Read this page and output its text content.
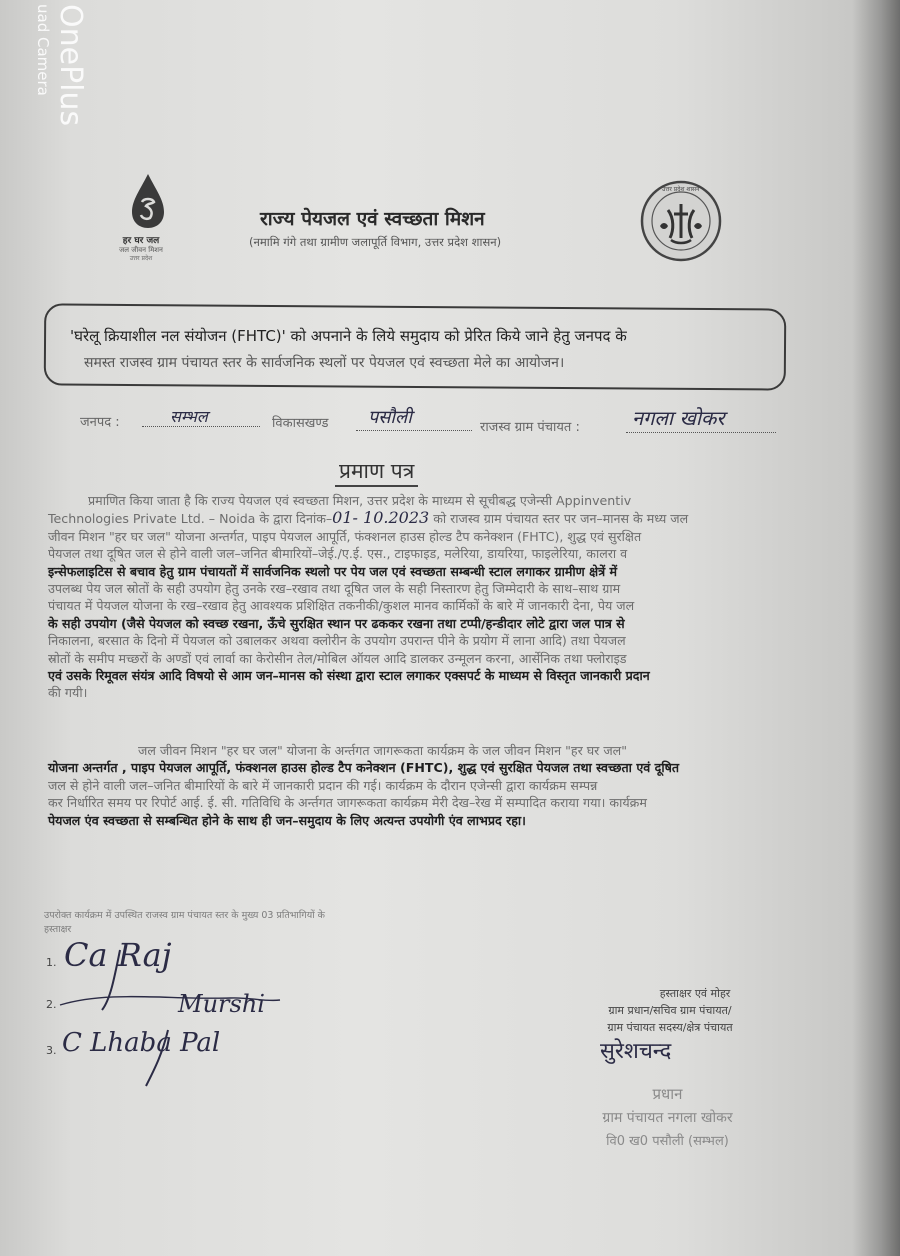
OnePlus
uad Camera
हर घर जल
जल जीवन मिशन
उत्तर प्रदेश
राज्य पेयजल एवं स्वच्छता मिशन
(नमामि गंगे तथा ग्रामीण जलापूर्ति विभाग, उत्तर प्रदेश शासन)
उत्तर प्रदेश शासन
'घरेलू क्रियाशील नल संयोजन (FHTC)' को अपनाने के लिये समुदाय को प्रेरित किये जाने हेतु जनपद के
समस्त राजस्व ग्राम पंचायत स्तर के सार्वजनिक स्थलों पर पेयजल एवं स्वच्छता मेले का आयोजन।
जनपद :	सम्भल	विकासखण्ड पसौली	राजस्व ग्राम पंचायत :	नगला खोकर
प्रमाण पत्र
प्रमाणित किया जाता है कि राज्य पेयजल एवं स्वच्छता मिशन, उत्तर प्रदेश के माध्यम से सूचीबद्ध एजेन्सी Appinventiv
Technologies Private Ltd. – Noida के द्वारा दिनांक–01- 10.2023 को राजस्व ग्राम पंचायत स्तर पर जन–मानस के मध्य जल
जीवन मिशन "हर घर जल" योजना अन्तर्गत, पाइप पेयजल आपूर्ति, फंक्शनल हाउस होल्ड टैप कनेक्शन (FHTC), शुद्ध एवं सुरक्षित
पेयजल तथा दूषित जल से होने वाली जल–जनित बीमारियों–जेई./ए.ई. एस., टाइफाइड, मलेरिया, डायरिया, फाइलेरिया, कालरा व
इन्सेफलाइटिस से बचाव हेतु ग्राम पंचायतों में सार्वजनिक स्थलो पर पेय जल एवं स्वच्छता सम्बन्धी स्टाल लगाकर ग्रामीण क्षेत्रें में
उपलब्ध पेय जल स्रोतों के सही उपयोग हेतु उनके रख–रखाव तथा दूषित जल के सही निस्तारण हेतु जिम्मेदारी के साथ–साथ ग्राम
पंचायत में पेयजल योजना के रख–रखाव हेतु आवश्यक प्रशिक्षित तकनीकी/कुशल मानव कार्मिकों के बारे में जानकारी देना, पेय जल
के सही उपयोग (जैसे पेयजल को स्वच्छ रखना, ऊँचे सुरक्षित स्थान पर ढककर रखना तथा टप्पी/हन्डीदार लोटे द्वारा जल पात्र से
निकालना, बरसात के दिनो में पेयजल को उबालकर अथवा क्लोरीन के उपयोग उपरान्त पीने के प्रयोग में लाना आदि) तथा पेयजल
स्रोतों के समीप मच्छरों के अण्डों एवं लार्वा का केरोसीन तेल/मोबिल ऑयल आदि डालकर उन्मूलन करना, आर्सेनिक तथा फ्लोराइड
एवं उसके रिमूवल संयंत्र आदि विषयो से आम जन–मानस को संस्था द्वारा स्टाल लगाकर एक्सपर्ट के माध्यम से विस्तृत जानकारी प्रदान
की गयी।
जल जीवन मिशन "हर घर जल" योजना के अर्न्तगत जागरूकता कार्यक्रम के जल जीवन मिशन "हर घर जल"
योजना अन्तर्गत , पाइप पेयजल आपूर्ति, फंक्शनल हाउस होल्ड टैप कनेक्शन (FHTC), शुद्ध एवं सुरक्षित पेयजल तथा स्वच्छता एवं दूषित
जल से होने वाली जल–जनित बीमारियों के बारे में जानकारी प्रदान की गई। कार्यक्रम के दौरान एजेन्सी द्वारा कार्यक्रम सम्पन्न
कर निर्धारित समय पर रिपोर्ट आई. ई. सी. गतिविधि के अर्न्तगत जागरूकता कार्यक्रम मेरी देख–रेख में सम्पादित कराया गया। कार्यक्रम
पेयजल एंव स्वच्छता से सम्बन्धित होने के साथ ही जन–समुदाय के लिए अत्यन्त उपयोगी एंव लाभप्रद रहा।
उपरोक्त कार्यक्रम में उपस्थित राजस्व ग्राम पंचायत स्तर के मुख्य 03 प्रतिभागियों के
हस्ताक्षर
1. Ca Raj
2.	Murshi
3. C Lhaba Pal
हस्ताक्षर एवं मोहर
ग्राम प्रधान/सचिव ग्राम पंचायत/
ग्राम पंचायत सदस्य/क्षेत्र पंचायत
सुरेशचन्द
प्रधान
ग्राम पंचायत नगला खोकर
वि0 ख0 पसौली (सम्भल)
